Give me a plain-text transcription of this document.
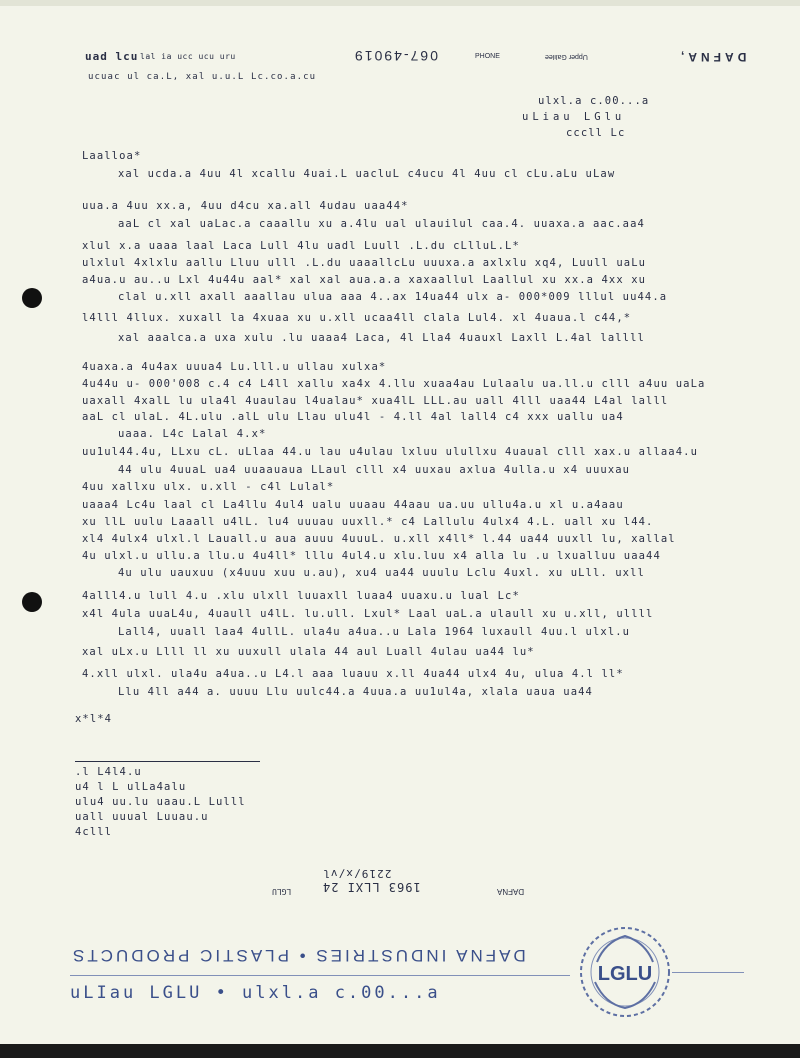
uad lcu lal ia ucc ucu uru	067-49019	PHONE	Upper Galilee	DAFNA,
ucuac ul ca.L, xal u.u.L Lc.co.a.cu
ulxl.a c.00...a
uLiau LGlu
cccll Lc
Laalloa*
xal ucda.a 4uu 4l xcallu 4uai.L uacluL c4ucu 4l 4uu cl cLu.aLu uLaw
uua.a 4uu xx.a, 4uu d4cu xa.all 4udau uaa44*
aaL cl xal uaLac.a caaallu xu a.4lu ual ulauilul caa.4. uuaxa.a aac.aa4
xlul x.a uaaa laal Laca Lull 4lu uadl Luull .L.du cLlluL.L*
ulxlul 4xlxlu aallu Lluu ulll .L.du uaaallcLu uuuxa.a axlxlu xq4, Luull uaLu
a4ua.u au..u Lxl 4u44u aal* xal xal aua.a.a xaxaallul Laallul xu xx.a 4xx xu
clal u.xll axall aaallau ulua aaa 4..ax 14ua44 ulx a- 000*009 lllul uu44.a
l4lll 4llux. xuxall la 4xuaa xu u.xll ucaa4ll clala Lul4. xl 4uaua.l c44,*
xal aaalca.a uxa xulu .lu uaaa4 Laca, 4l Lla4 4uauxl Laxll L.4al lallll
4uaxa.a 4u4ax uuua4 Lu.lll.u ullau xulxa*
4u44u u- 000'008 c.4 c4 L4ll xallu xa4x 4.llu xuaa4au Lulaalu ua.ll.u clll a4uu uaLa
uaxall 4xalL lu ula4l 4uaulau l4ualau* xua4lL LLL.au uall 4lll uaa44 L4al lalll
aaL cl ulaL. 4L.ulu .alL ulu Llau ulu4l - 4.ll 4al lall4 c4 xxx uallu ua4
uaaa. L4c Lalal 4.x*
uu1ul44.4u, LLxu cL. uLlaa 44.u lau u4ulau lxluu ulullxu 4uaual clll xax.u allaa4.u
44 ulu 4uuaL ua4 uuaauaua LLaul clll x4 uuxau axlua 4ulla.u x4 uuuxau
4uu xallxu ulx. u.xll - c4l Lulal*
uaaa4 Lc4u laal cl La4llu 4ul4 ualu uuaau 44aau ua.uu ullu4a.u xl u.a4aau
xu llL uulu Laaall u4lL. lu4 uuuau uuxll.* c4 Lallulu 4ulx4 4.L. uall xu l44.
xl4 4ulx4 ulxl.l Lauall.u aua auuu 4uuuL. u.xll x4ll* l.44 ua44 uuxll lu, xallal
4u ulxl.u ullu.a llu.u 4u4ll* lllu 4ul4.u xlu.luu x4 alla lu .u lxualluu uaa44
4u ulu uauxuu (x4uuu xuu u.au), xu4 ua44 uuulu Lclu 4uxl. xu uLll. uxll
4alll4.u lull 4.u .xlu ulxll luuaxll luaa4 uuaxu.u lual Lc*
x4l 4ula uuaL4u, 4uaull u4lL. lu.ull. Lxul* Laal uaL.a ulaull xu u.xll, ullll
Lall4, uuall laa4 4ullL. ula4u a4ua..u Lala 1964 luxaull 4uu.l ulxl.u
xal uLx.u Llll ll xu uuxull ulala 44 aul Luall 4ulau ua44 lu*
4.xll ulxl. ula4u a4ua..u L4.l aaa luauu x.ll 4ua44 ulx4 4u, ulua 4.l ll*
Llu 4ll a44 a. uuuu Llu uulc44.a 4uua.a uu1ul4a, xlala uaua ua44
x*l*4
.l L4l4.u
u4 l L ulLa4alu
ulu4 uu.lu uaau.L Lulll
uall uuual Luuau.u
4clll
DAFNA
1963 LLXI 24
2219/x/vl
LGLU
DAFNA INDUSTRIES • PLASTIC PRODUCTS
uLIau LGLU • ulxl.a c.00...a
LGLU
